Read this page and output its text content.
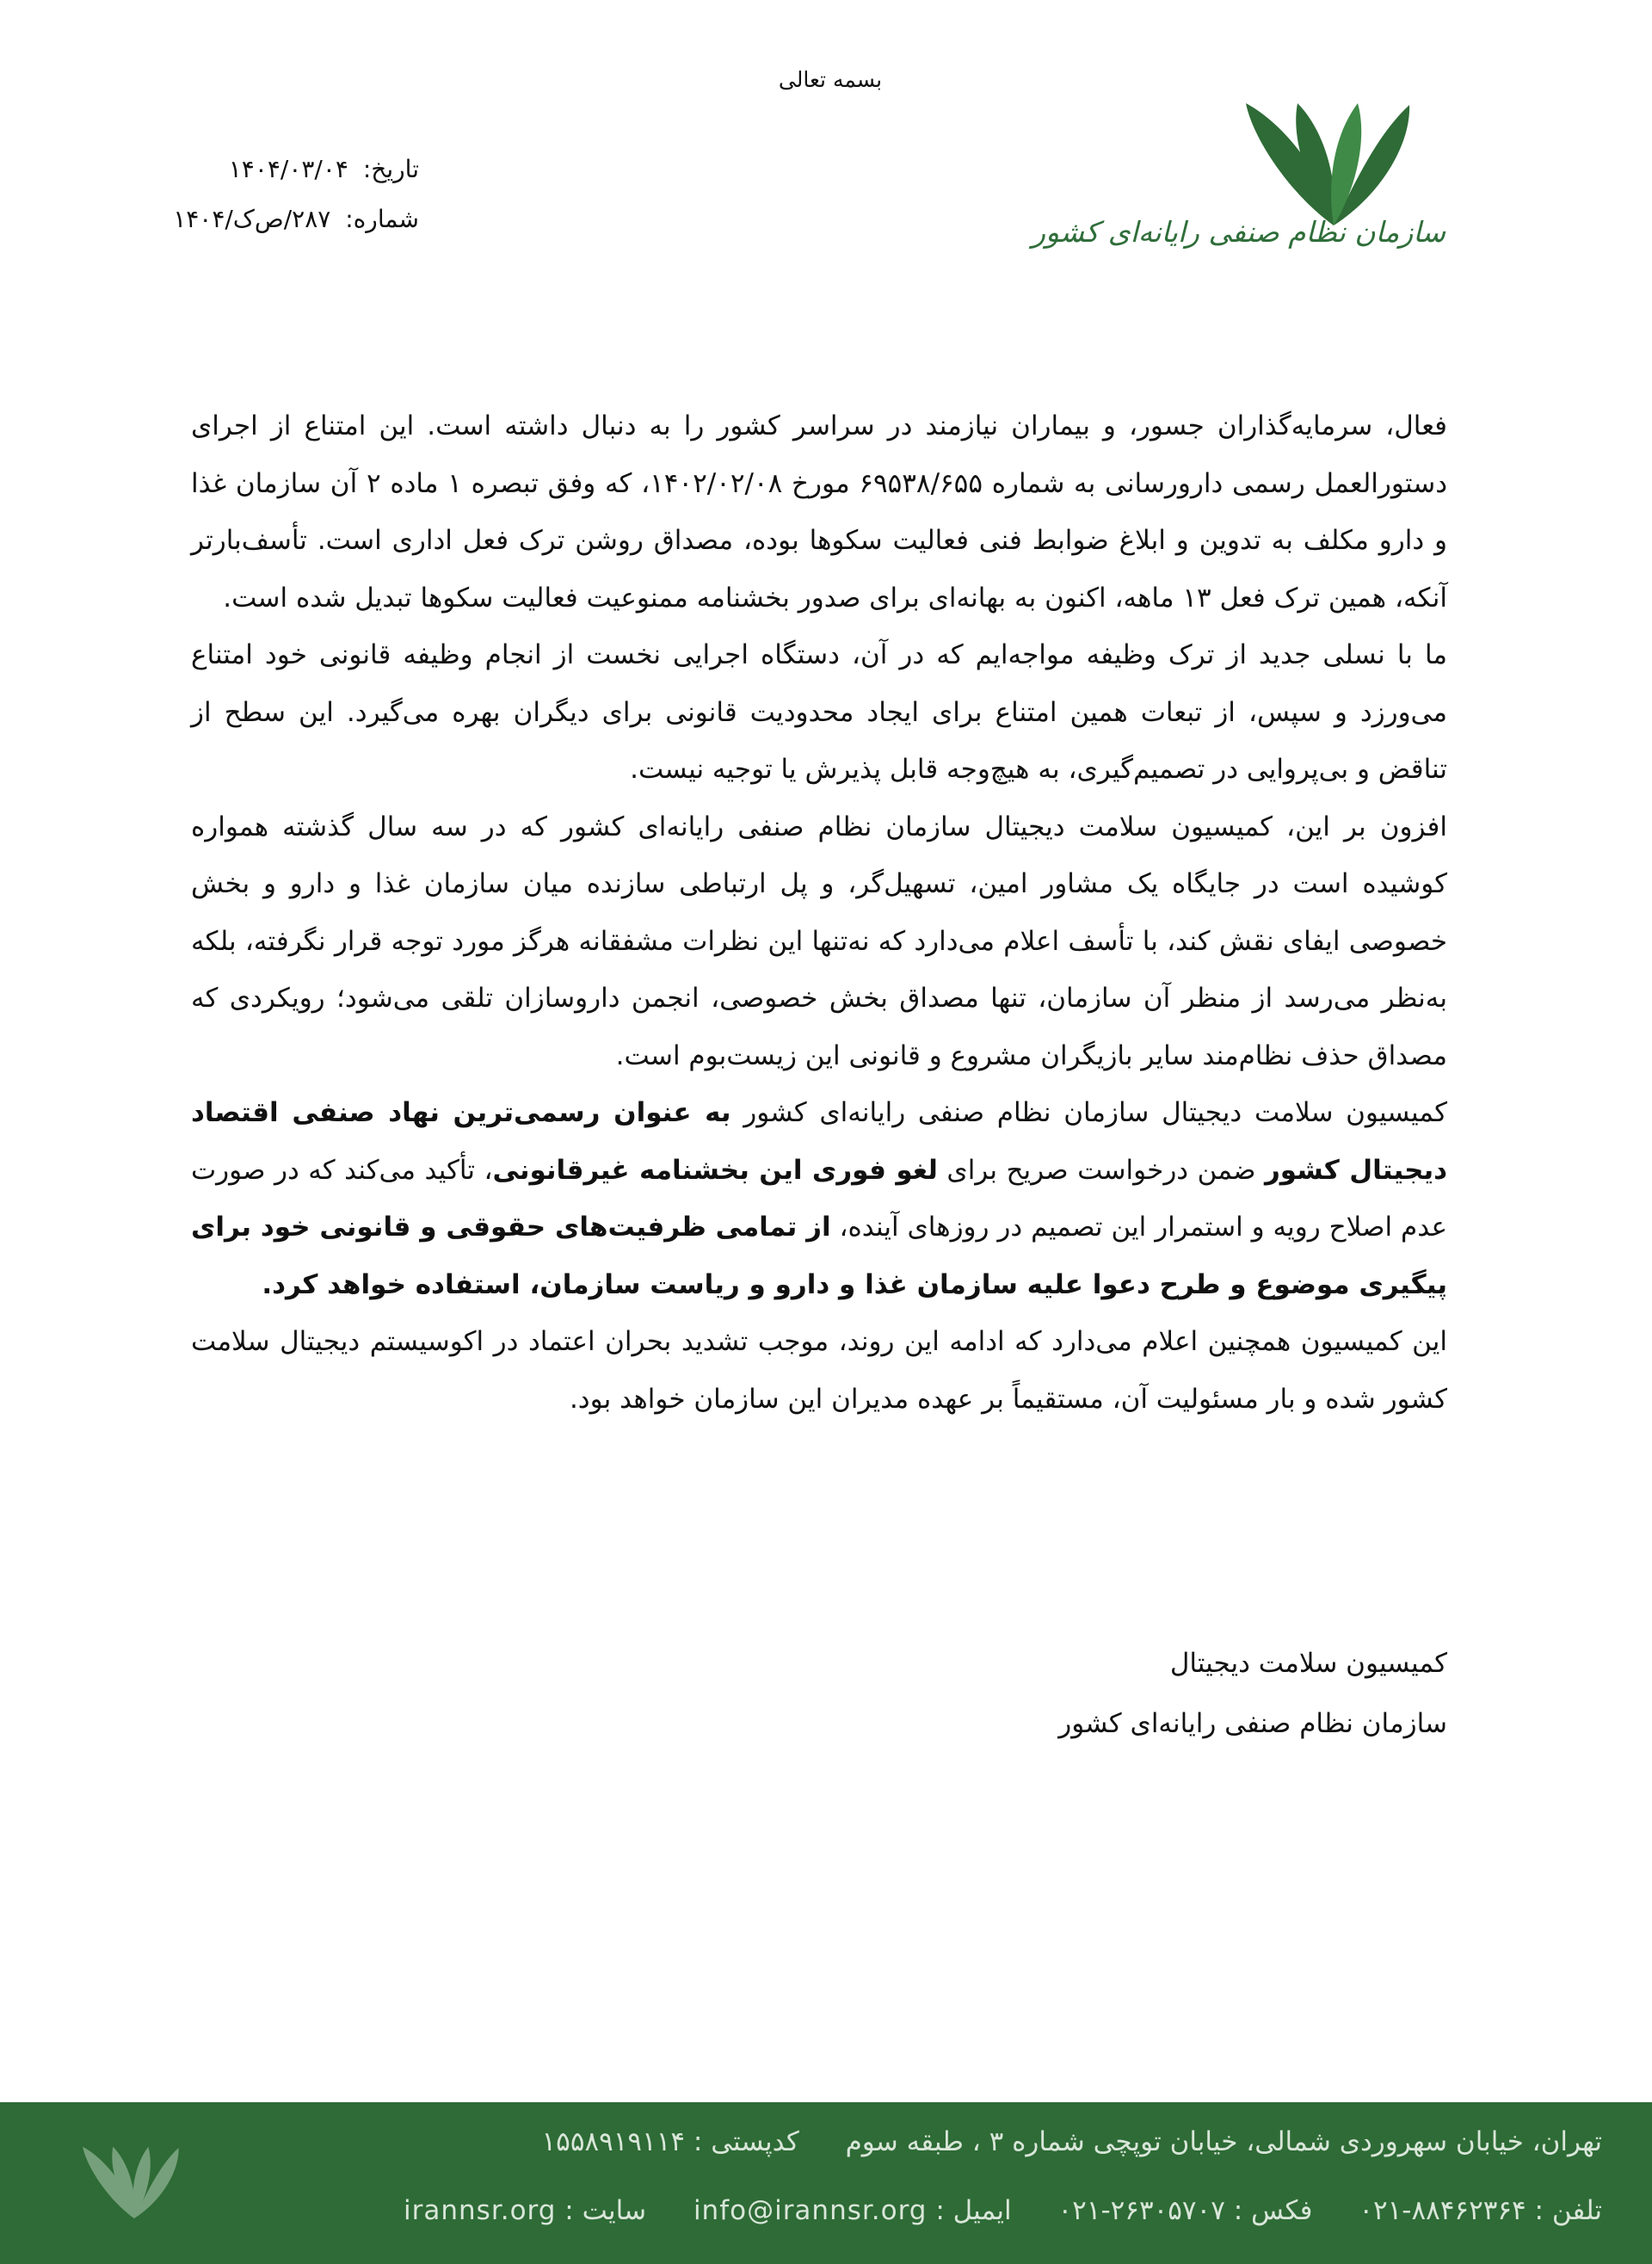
بسمه تعالی
سازمان نظام صنفی رایانه‌ای کشور
تاریخ: ۱۴۰۴/۰۳/۰۴
شماره: ۲۸۷/ص‌ک/۱۴۰۴

فعال، سرمایه‌گذاران جسور، و بیماران نیازمند در سراسر کشور را به دنبال داشته است. این امتناع از اجرای دستورالعمل رسمی دارورسانی به شماره ۶۹۵۳۸/۶۵۵ مورخ ۱۴۰۲/۰۲/۰۸، که وفق تبصره ۱ ماده ۲ آن سازمان غذا و دارو مکلف به تدوین و ابلاغ ضوابط فنی فعالیت سکوها بوده، مصداق روشن ترک فعل اداری است. تأسف‌بارتر آنکه، همین ترک فعل ۱۳ ماهه، اکنون به بهانه‌ای برای صدور بخشنامه ممنوعیت فعالیت سکوها تبدیل شده است.

ما با نسلی جدید از ترک وظیفه مواجه‌ایم که در آن، دستگاه اجرایی نخست از انجام وظیفه قانونی خود امتناع می‌ورزد و سپس، از تبعات همین امتناع برای ایجاد محدودیت قانونی برای دیگران بهره می‌گیرد. این سطح از تناقض و بی‌پروایی در تصمیم‌گیری، به هیچ‌وجه قابل پذیرش یا توجیه نیست.

افزون بر این، کمیسیون سلامت دیجیتال سازمان نظام صنفی رایانه‌ای کشور که در سه سال گذشته همواره کوشیده است در جایگاه یک مشاور امین، تسهیل‌گر، و پل ارتباطی سازنده میان سازمان غذا و دارو و بخش خصوصی ایفای نقش کند، با تأسف اعلام می‌دارد که نه‌تنها این نظرات مشفقانه هرگز مورد توجه قرار نگرفته، بلکه به‌نظر می‌رسد از منظر آن سازمان، تنها مصداق بخش خصوصی، انجمن داروسازان تلقی می‌شود؛ رویکردی که مصداق حذف نظام‌مند سایر بازیگران مشروع و قانونی این زیست‌بوم است.

کمیسیون سلامت دیجیتال سازمان نظام صنفی رایانه‌ای کشور به عنوان رسمی‌ترین نهاد صنفی اقتصاد دیجیتال کشور ضمن درخواست صریح برای لغو فوری این بخشنامه غیرقانونی، تأکید می‌کند که در صورت عدم اصلاح رویه و استمرار این تصمیم در روزهای آینده، از تمامی ظرفیت‌های حقوقی و قانونی خود برای پیگیری موضوع و طرح دعوا علیه سازمان غذا و دارو و ریاست سازمان، استفاده خواهد کرد.

این کمیسیون همچنین اعلام می‌دارد که ادامه این روند، موجب تشدید بحران اعتماد در اکوسیستم دیجیتال سلامت کشور شده و بار مسئولیت آن، مستقیماً بر عهده مدیران این سازمان خواهد بود.

کمیسیون سلامت دیجیتال
سازمان نظام صنفی رایانه‌ای کشور
تهران، خیابان سهروردی شمالی، خیابان توپچی شماره ۳ ، طبقه سوم کدپستی : ۱۵۵۸۹۱۹۱۱۴
تلفن : ۸۸۴۶۲۳۶۴-۰۲۱ فکس : ۲۶۳۰۵۷۰۷-۰۲۱ ایمیل : info@irannsr.org سایت : irannsr.org
